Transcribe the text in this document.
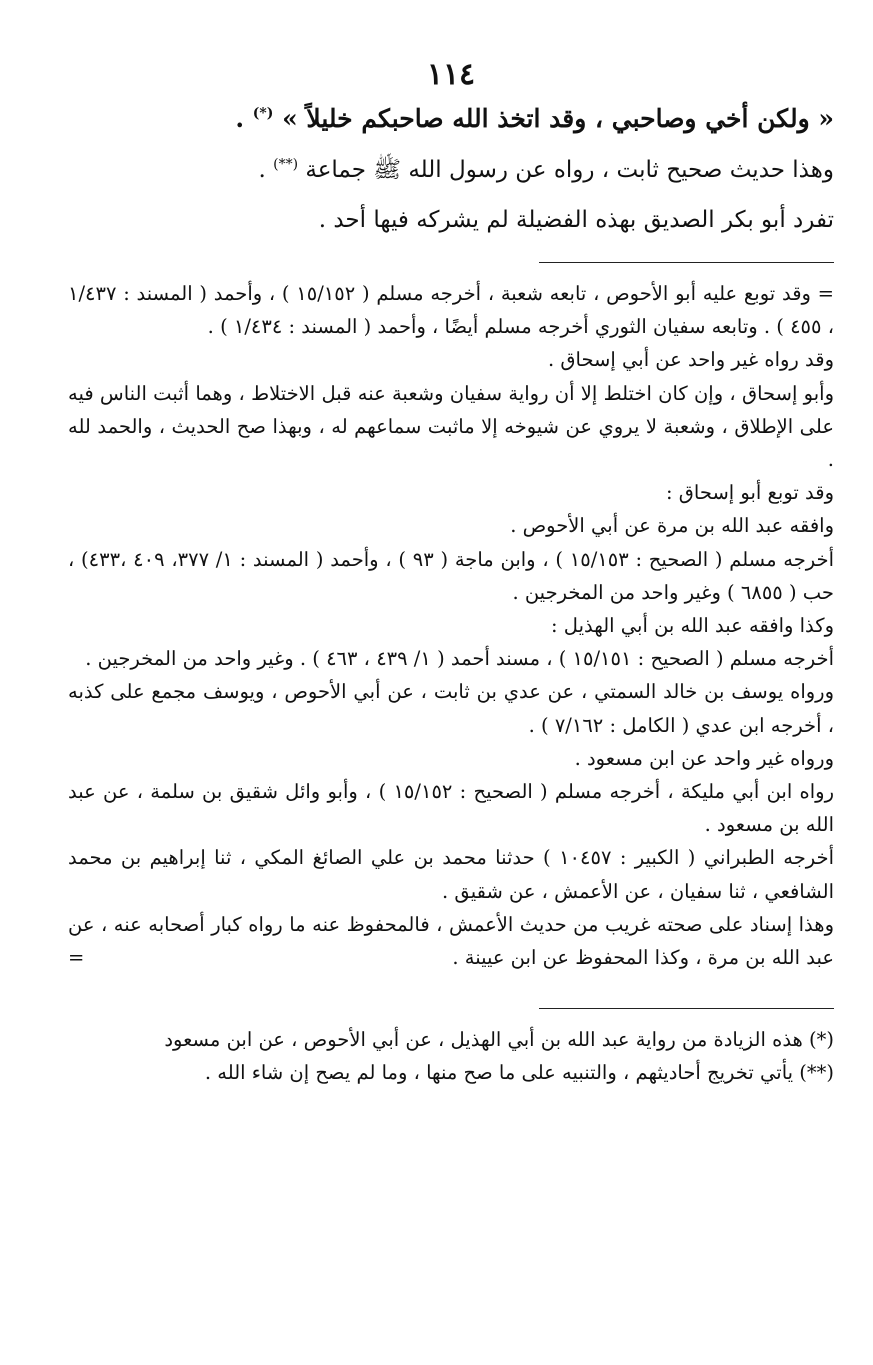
١١٤

« ولكن أخي وصاحبي ، وقد اتخذ الله صاحبكم خليلاً » (*) .

وهذا حديث صحيح ثابت ، رواه عن رسول الله ﷺ جماعة (**) .

تفرد أبو بكر الصديق بهذه الفضيلة لم يشركه فيها أحد .

= وقد توبع عليه أبو الأحوص ، تابعه شعبة ، أخرجه مسلم ( ١٥/١٥٢ ) ، وأحمد ( المسند : ١/٤٣٧ ، ٤٥٥ ) . وتابعه سفيان الثوري أخرجه مسلم أيضًا ، وأحمد ( المسند : ١/٤٣٤ ) .

وقد رواه غير واحد عن أبي إسحاق .

وأبو إسحاق ، وإن كان اختلط إلا أن رواية سفيان وشعبة عنه قبل الاختلاط ، وهما أثبت الناس فيه على الإطلاق ، وشعبة لا يروي عن شيوخه إلا ماثبت سماعهم له ، وبهذا صح الحديث ، والحمد لله .

وقد توبع أبو إسحاق :

وافقه عبد الله بن مرة عن أبي الأحوص .

أخرجه مسلم ( الصحيح : ١٥/١٥٣ ) ، وابن ماجة ( ٩٣ ) ، وأحمد ( المسند : ١/ ٣٧٧، ٤٠٩ ،٤٣٣) ، حب ( ٦٨٥٥ ) وغير واحد من المخرجين .

وكذا وافقه عبد الله بن أبي الهذيل :

أخرجه مسلم ( الصحيح : ١٥/١٥١ ) ، مسند أحمد ( ١/ ٤٣٩ ، ٤٦٣ ) . وغير واحد من المخرجين .

ورواه يوسف بن خالد السمتي ، عن عدي بن ثابت ، عن أبي الأحوص ، ويوسف مجمع على كذبه ، أخرجه ابن عدي ( الكامل : ٧/١٦٢ ) .

ورواه غير واحد عن ابن مسعود .

رواه ابن أبي مليكة ، أخرجه مسلم ( الصحيح : ١٥/١٥٢ ) ، وأبو وائل شقيق بن سلمة ، عن عبد الله بن مسعود .

أخرجه الطبراني ( الكبير : ١٠٤٥٧ ) حدثنا محمد بن علي الصائغ المكي ، ثنا إبراهيم بن محمد الشافعي ، ثنا سفيان ، عن الأعمش ، عن شقيق .

وهذا إسناد على صحته غريب من حديث الأعمش ، فالمحفوظ عنه ما رواه كبار أصحابه عنه ، عن عبد الله بن مرة ، وكذا المحفوظ عن ابن عيينة .
=

(*) هذه الزيادة من رواية عبد الله بن أبي الهذيل ، عن أبي الأحوص ، عن ابن مسعود

(**) يأتي تخريج أحاديثهم ، والتنبيه على ما صح منها ، وما لم يصح إن شاء الله .
